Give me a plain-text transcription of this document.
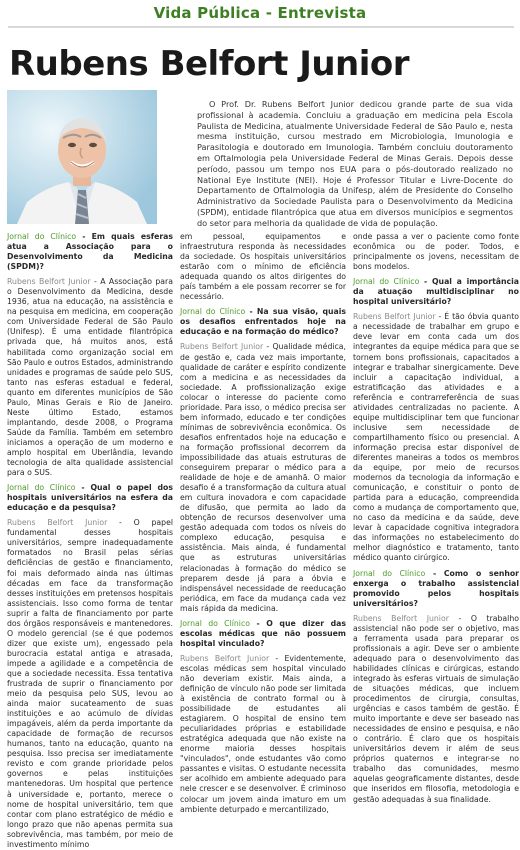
Vida Pública - Entrevista
Rubens Belfort Junior

O Prof. Dr. Rubens Belfort Junior dedicou grande parte de sua vida profissional à academia. Concluiu a graduação em medicina pela Escola Paulista de Medicina, atualmente Universidade Federal de São Paulo e, nesta mesma instituição, cursou mestrado em Microbiologia, Imunologia e Parasitologia e doutorado em Imunologia. Também concluiu doutoramento em Oftalmologia pela Universidade Federal de Minas Gerais. Depois desse período, passou um tempo nos EUA para o pós-doutorado realizado no National Eye Institute (NEI). Hoje é Professor Titular e Livre-Docente do Departamento de Oftalmologia da Unifesp, além de Presidente do Conselho Administrativo da Sociedade Paulista para o Desenvolvimento da Medicina (SPDM), entidade filantrópica que atua em diversos municípios e segmentos do setor para melhoria da qualidade de vida de população.

Jornal do Clínico - Em quais esferas atua a Associação para o Desenvolvimento da Medicina (SPDM)?

Rubens Belfort Junior - A Associação para o Desenvolvimento da Medicina, desde 1936, atua na educação, na assistência e na pesquisa em medicina, em cooperação com Universidade Federal de São Paulo (Unifesp). É uma entidade filantrópica privada que, há muitos anos, está habilitada como organização social em São Paulo e outros Estados, administrando unidades e programas de saúde pelo SUS, tanto nas esferas estadual e federal, quanto em diferentes municípios de São Paulo, Minas Gerais e Rio de Janeiro. Neste último Estado, estamos implantando, desde 2008, o Programa Saúde da Família. Também em setembro iniciamos a operação de um moderno e amplo hospital em Uberlândia, levando tecnologia de alta qualidade assistencial para o SUS.

Jornal do Clínico - Qual o papel dos hospitais universitários na esfera da educação e da pesquisa?

Rubens Belfort Junior - O papel fundamental desses hospitais universitários, sempre inadequadamente formatados no Brasil pelas sérias deficiências de gestão e financiamento, foi mais deformado ainda nas últimas décadas em face da transformação desses instituições em pretensos hospitais assistenciais. Isso como forma de tentar suprir a falta de financiamento por parte dos órgãos responsáveis e mantenedores. O modelo gerencial (se é que podemos dizer que existe um), engessado pela burocracia estatal antiga e atrasada, impede a agilidade e a competência de que a sociedade necessita. Essa tentativa frustrada de suprir o financiamento por meio da pesquisa pelo SUS, levou ao ainda maior sucateamento de suas instituições e ao acúmulo de dívidas impagáveis, além da perda importante da capacidade de formação de recursos humanos, tanto na educação, quanto na pesquisa. Isso precisa ser imediatamente revisto e com grande prioridade pelos governos e pelas instituições mantenedoras. Um hospital que pertence à universidade e, portanto, merece o nome de hospital universitário, tem que contar com plano estratégico de médio e longo prazo que não apenas permita sua sobrevivência, mas também, por meio de investimento mínimo

em pessoal, equipamentos e infraestrutura responda às necessidades da sociedade. Os hospitais universitários estarão com o mínimo de eficiência adequada quando os altos dirigentes do país também a ele possam recorrer se for necessário.

Jornal do Clínico - Na sua visão, quais os desafios enfrentados hoje na educação e na formação do médico?

Rubens Belfort Junior - Qualidade médica, de gestão e, cada vez mais importante, qualidade de caráter e espírito condizente com a medicina e as necessidades da sociedade. A profissionalização exige colocar o interesse do paciente como prioridade. Para isso, o médico precisa ser bem informado, educado e ter condições mínimas de sobrevivência econômica. Os desafios enfrentados hoje na educação e na formação profissional decorrem da impossibilidade das atuais estruturas de conseguirem preparar o médico para a realidade de hoje e de amanhã. O maior desafio é a transformação da cultura atual em cultura inovadora e com capacidade de difusão, que permita ao lado da obtenção de recursos desenvolver uma gestão adequada com todos os níveis do complexo educação, pesquisa e assistência. Mais ainda, é fundamental que as estruturas universitárias relacionadas à formação do médico se preparem desde já para a óbvia e indispensável necessidade de reeducação periódica, em face da mudança cada vez mais rápida da medicina.

Jornal do Clínico - O que dizer das escolas médicas que não possuem hospital vinculado?

Rubens Belfort Junior - Evidentemente, escolas médicas sem hospital vinculado não deveriam existir. Mais ainda, a definição de vínculo não pode ser limitada à existência de contrato formal ou à possibilidade de estudantes ali estagiarem. O hospital de ensino tem peculiaridades próprias e estabilidade estratégica adequada que não existe na enorme maioria desses hospitais "vinculados", onde estudantes vão como passantes e visitas. O estudante necessita ser acolhido em ambiente adequado para nele crescer e se desenvolver. É criminoso colocar um jovem ainda imaturo em um ambiente deturpado e mercantilizado,

onde passa a ver o paciente como fonte econômica ou de poder. Todos, e principalmente os jovens, necessitam de bons modelos.

Jornal do Clínico - Qual a importância da atuação multidisciplinar no hospital universitário?

Rubens Belfort Junior - É tão óbvia quanto a necessidade de trabalhar em grupo e deve levar em conta cada um dos integrantes da equipe médica para que se tornem bons profissionais, capacitados a integrar e trabalhar sinergicamente. Deve incluir a capacitação individual, a estratificação das atividades e a referência e contrarreferência de suas atividades centralizadas no paciente. A equipe multidisciplinar tem que funcionar inclusive sem necessidade de compartilhamento físico ou presencial. A informação precisa estar disponível de diferentes maneiras a todos os membros da equipe, por meio de recursos modernos da tecnologia da informação e comunicação, e constituir o ponto de partida para a educação, compreendida como a mudança de comportamento que, no caso da medicina e da saúde, deve levar à capacidade cognitiva integradora das informações no estabelecimento do melhor diagnóstico e tratamento, tanto médico quanto cirúrgico.

Jornal do Clínico - Como o senhor enxerga o trabalho assistencial promovido pelos hospitais universitários?

Rubens Belfort Junior - O trabalho assistencial não pode ser o objetivo, mas a ferramenta usada para preparar os profissionais a agir. Deve ser o ambiente adequado para o desenvolvimento das habilidades clínicas e cirúrgicas, estando integrado às esferas virtuais de simulação de situações médicas, que incluem procedimentos de cirurgia, consultas, urgências e casos também de gestão. É muito importante e deve ser baseado nas necessidades de ensino e pesquisa, e não o contrário. É claro que os hospitais universitários devem ir além de seus próprios quaternos e integrar-se no trabalho das comunidades, mesmo aquelas geograficamente distantes, desde que inseridos em filosofia, metodologia e gestão adequadas à sua finalidade.
